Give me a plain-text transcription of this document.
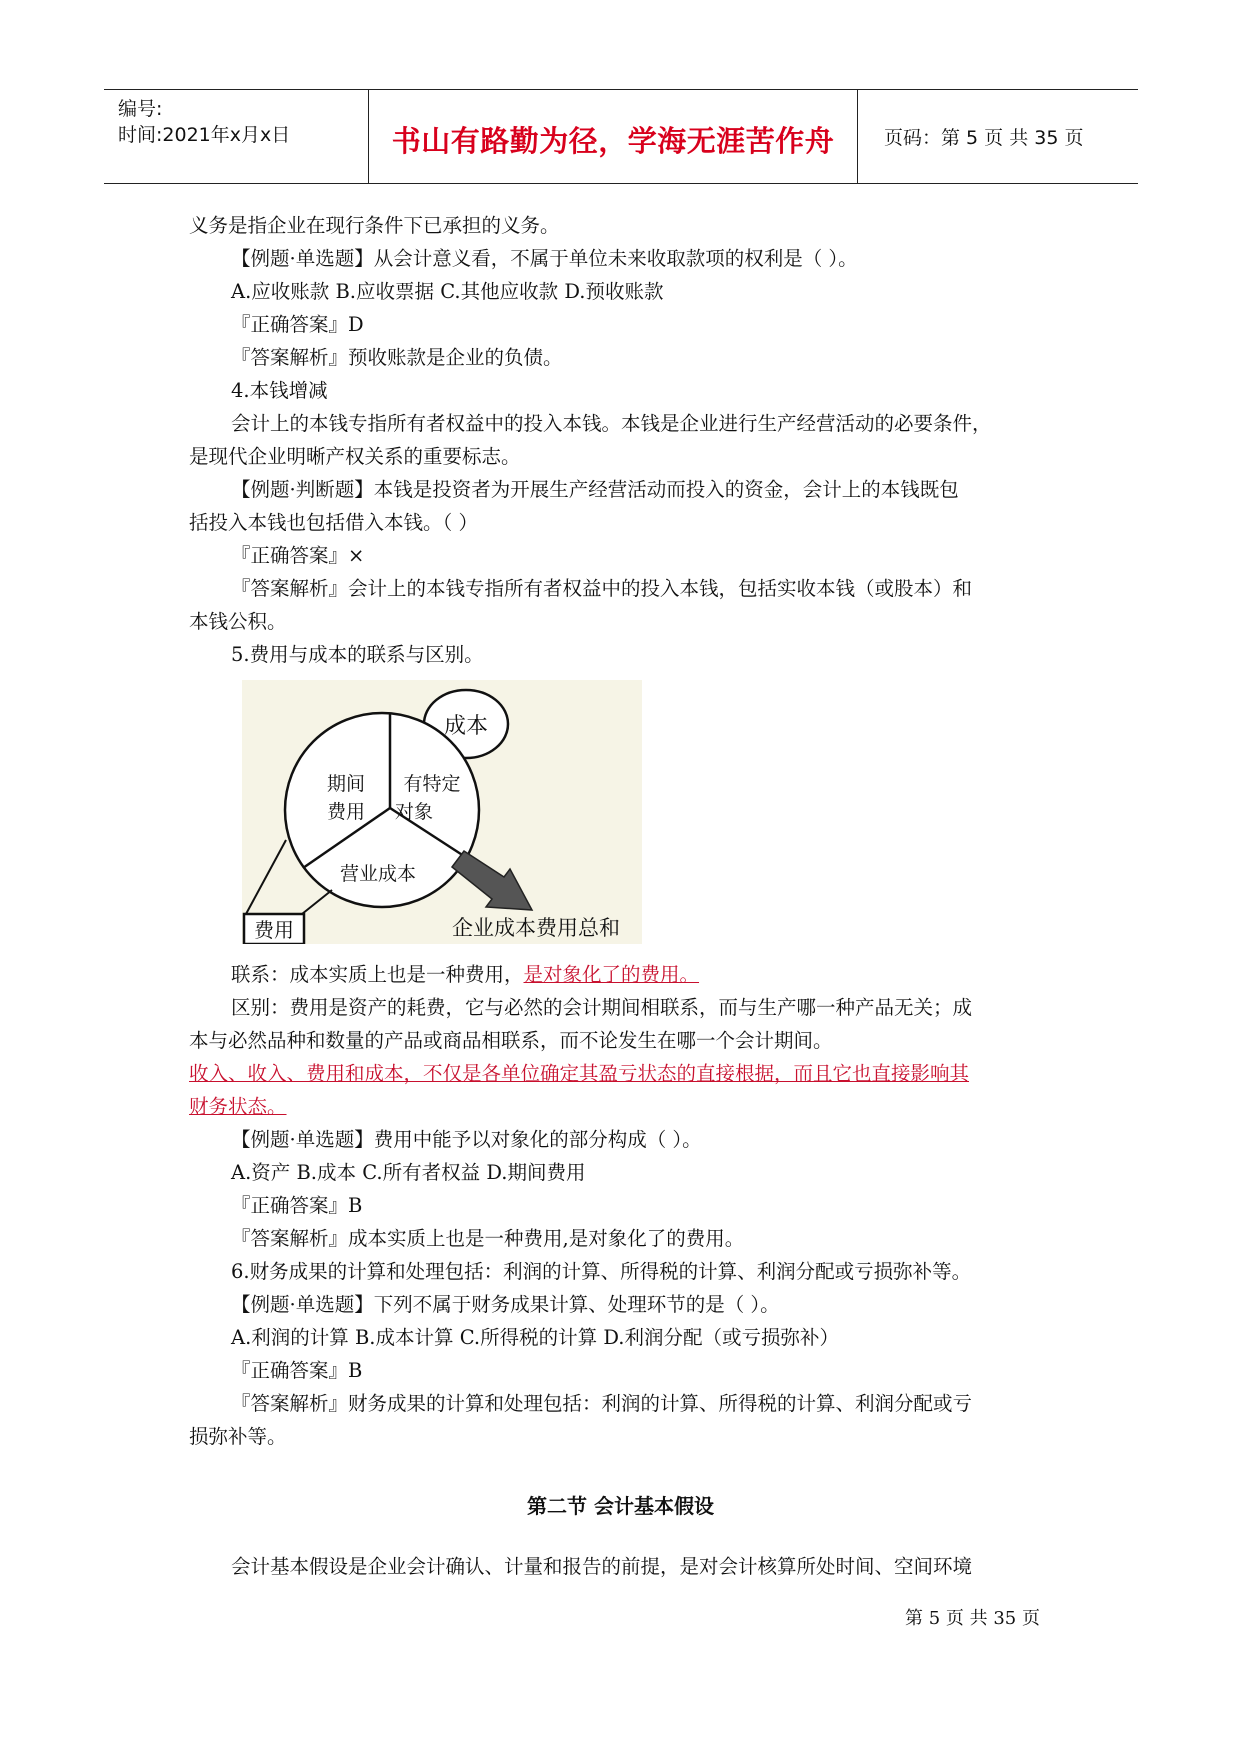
编号:
时间:2021年x月x日	书山有路勤为径，学海无涯苦作舟	页码：第 5 页 共 35 页
义务是指企业在现行条件下已承担的义务。
【例题·单选题】从会计意义看，不属于单位未来收取款项的权利是（ ）。
A.应收账款 B.应收票据 C.其他应收款 D.预收账款
『正确答案』D
『答案解析』预收账款是企业的负债。
4.本钱增减
会计上的本钱专指所有者权益中的投入本钱。本钱是企业进行生产经营活动的必要条件，
是现代企业明晰产权关系的重要标志。
【例题·判断题】本钱是投资者为开展生产经营活动而投入的资金，会计上的本钱既包
括投入本钱也包括借入本钱。（ ）
『正确答案』×
『答案解析』会计上的本钱专指所有者权益中的投入本钱，包括实收本钱（或股本）和
本钱公积。
5.费用与成本的联系与区别。
成本
期间
费用
有特定
对象
营业成本
企业成本费用总和
费用
联系：成本实质上也是一种费用，是对象化了的费用。
区别：费用是资产的耗费，它与必然的会计期间相联系，而与生产哪一种产品无关；成
本与必然品种和数量的产品或商品相联系，而不论发生在哪一个会计期间。
收入、收入、费用和成本，不仅是各单位确定其盈亏状态的直接根据，而且它也直接影响其
财务状态。
【例题·单选题】费用中能予以对象化的部分构成（ ）。
A.资产 B.成本 C.所有者权益 D.期间费用
『正确答案』B
『答案解析』成本实质上也是一种费用,是对象化了的费用。
6.财务成果的计算和处理包括：利润的计算、所得税的计算、利润分配或亏损弥补等。
【例题·单选题】下列不属于财务成果计算、处理环节的是（ ）。
A.利润的计算 B.成本计算 C.所得税的计算 D.利润分配（或亏损弥补）
『正确答案』B
『答案解析』财务成果的计算和处理包括：利润的计算、所得税的计算、利润分配或亏
损弥补等。
第二节 会计基本假设
会计基本假设是企业会计确认、计量和报告的前提，是对会计核算所处时间、空间环境
第 5 页 共 35 页
